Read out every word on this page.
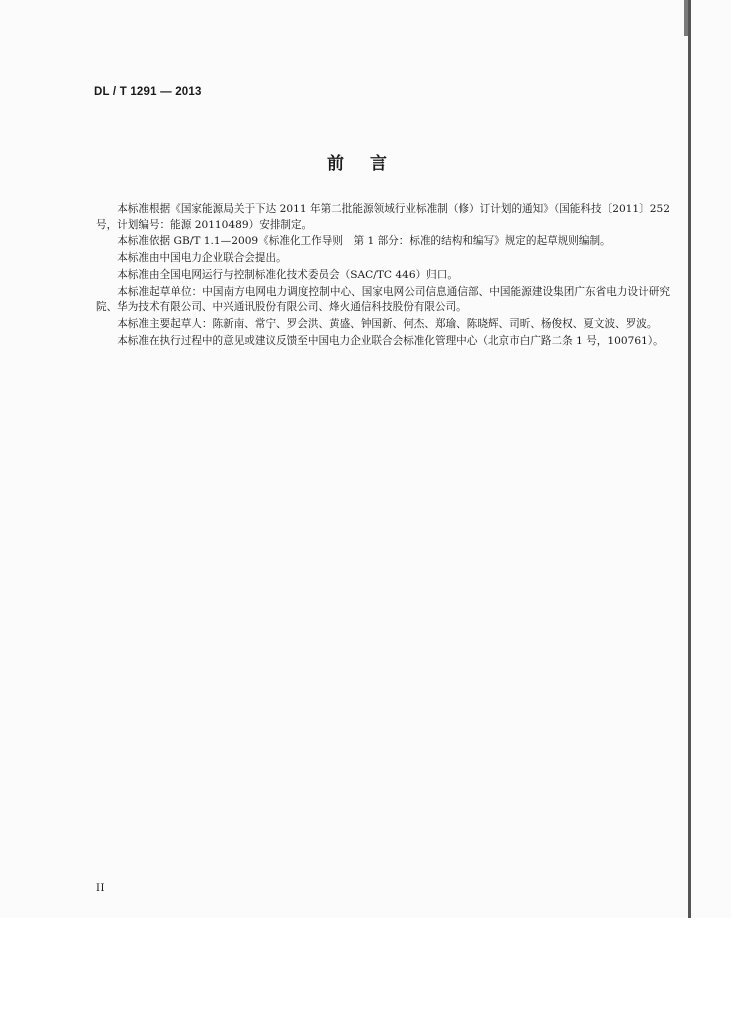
DL / T 1291 — 2013
前言

本标准根据《国家能源局关于下达 2011 年第二批能源领域行业标准制（修）订计划的通知》（国能科技〔2011〕252 号，计划编号：能源 20110489）安排制定。

本标准依据 GB/T 1.1—2009《标准化工作导则　第 1 部分：标准的结构和编写》规定的起草规则编制。

本标准由中国电力企业联合会提出。

本标准由全国电网运行与控制标准化技术委员会（SAC/TC 446）归口。

本标准起草单位：中国南方电网电力调度控制中心、国家电网公司信息通信部、中国能源建设集团广东省电力设计研究院、华为技术有限公司、中兴通讯股份有限公司、烽火通信科技股份有限公司。

本标准主要起草人：陈新南、常宁、罗会洪、黄盛、钟国新、何杰、郑瑜、陈晓辉、司昕、杨俊权、夏文波、罗波。

本标准在执行过程中的意见或建议反馈至中国电力企业联合会标准化管理中心（北京市白广路二条 1 号，100761）。

II
